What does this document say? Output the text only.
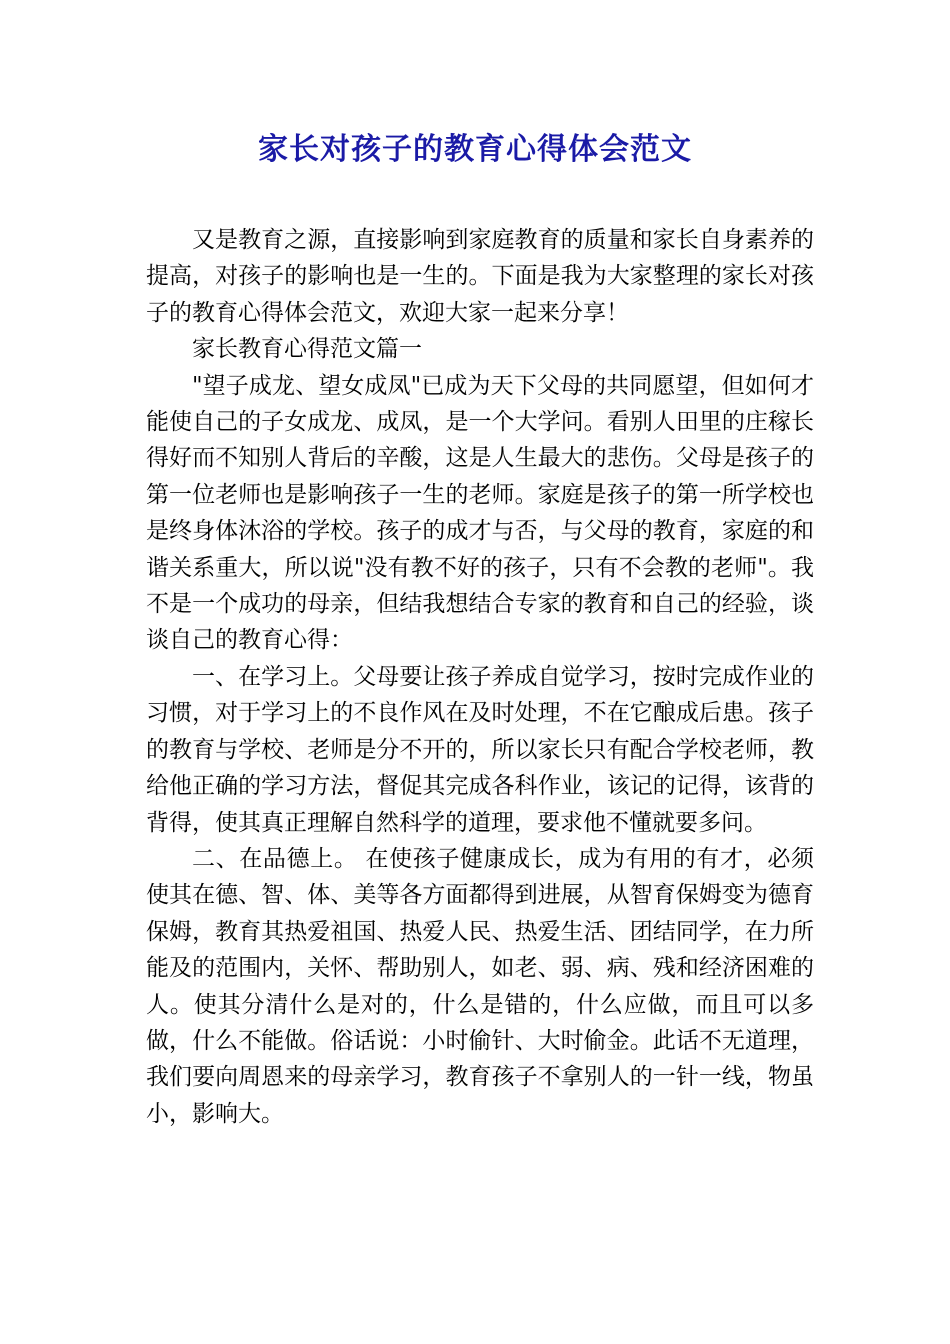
家长对孩子的教育心得体会范文

又是教育之源，直接影响到家庭教育的质量和家长自身素养的提高，对孩子的影响也是一生的。下面是我为大家整理的家长对孩子的教育心得体会范文，欢迎大家一起来分享！

家长教育心得范文篇一

"望子成龙、望女成凤"已成为天下父母的共同愿望，但如何才能使自己的子女成龙、成凤，是一个大学问。看别人田里的庄稼长得好而不知别人背后的辛酸，这是人生最大的悲伤。父母是孩子的第一位老师也是影响孩子一生的老师。家庭是孩子的第一所学校也是终身体沐浴的学校。孩子的成才与否，与父母的教育，家庭的和谐关系重大，所以说"没有教不好的孩子，只有不会教的老师"。我不是一个成功的母亲，但结我想结合专家的教育和自己的经验，谈谈自己的教育心得：

一、在学习上。父母要让孩子养成自觉学习，按时完成作业的习惯，对于学习上的不良作风在及时处理，不在它酿成后患。孩子的教育与学校、老师是分不开的，所以家长只有配合学校老师，教给他正确的学习方法，督促其完成各科作业，该记的记得，该背的背得，使其真正理解自然科学的道理，要求他不懂就要多问。

二、在品德上。 在使孩子健康成长，成为有用的有才，必须使其在德、智、体、美等各方面都得到进展，从智育保姆变为德育保姆，教育其热爱祖国、热爱人民、热爱生活、团结同学，在力所能及的范围内，关怀、帮助别人，如老、弱、病、残和经济困难的人。使其分清什么是对的，什么是错的，什么应做，而且可以多做，什么不能做。俗话说：小时偷针、大时偷金。此话不无道理，我们要向周恩来的母亲学习，教育孩子不拿别人的一针一线，物虽小，影响大。
